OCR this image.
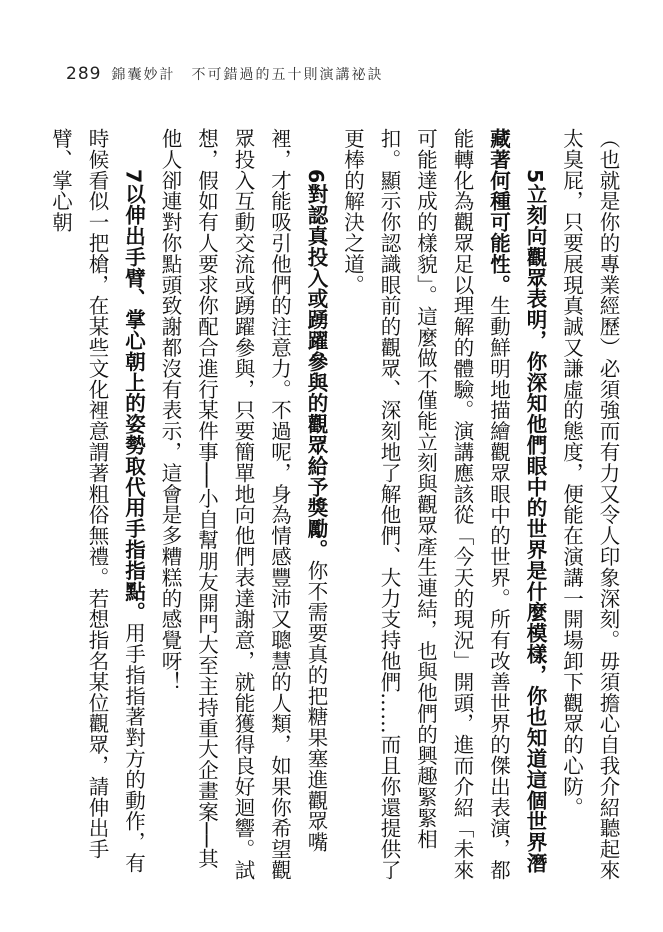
289 錦囊妙計 不可錯過的五十則演講祕訣

（也就是你的專業經歷）必須強而有力又令人印象深刻。毋須擔心自我介紹聽起來太臭屁，只要展現真誠又謙虛的態度，便能在演講一開場卸下觀眾的心防。

5立刻向觀眾表明，你深知他們眼中的世界是什麼模樣，你也知道這個世界潛藏著何種可能性。生動鮮明地描繪觀眾眼中的世界。所有改善世界的傑出表演，都能轉化為觀眾足以理解的體驗。演講應該從「今天的現況」開頭，進而介紹「未來可能達成的樣貌」。這麼做不僅能立刻與觀眾產生連結，也與他們的興趣緊緊相扣。顯示你認識眼前的觀眾、深刻地了解他們、大力支持他們……而且你還提供了更棒的解決之道。

6對認真投入或踴躍參與的觀眾給予獎勵。你不需要真的把糖果塞進觀眾嘴裡，才能吸引他們的注意力。不過呢，身為情感豐沛又聰慧的人類，如果你希望觀眾投入互動交流或踴躍參與，只要簡單地向他們表達謝意，就能獲得良好迴響。試想，假如有人要求你配合進行某件事──小自幫朋友開門大至主持重大企畫案──其他人卻連對你點頭致謝都沒有表示，這會是多糟糕的感覺呀！

7以伸出手臂、掌心朝上的姿勢取代用手指指點。用手指指著對方的動作，有時候看似一把槍，在某些文化裡意謂著粗俗無禮。若想指名某位觀眾，請伸出手臂、掌心朝
